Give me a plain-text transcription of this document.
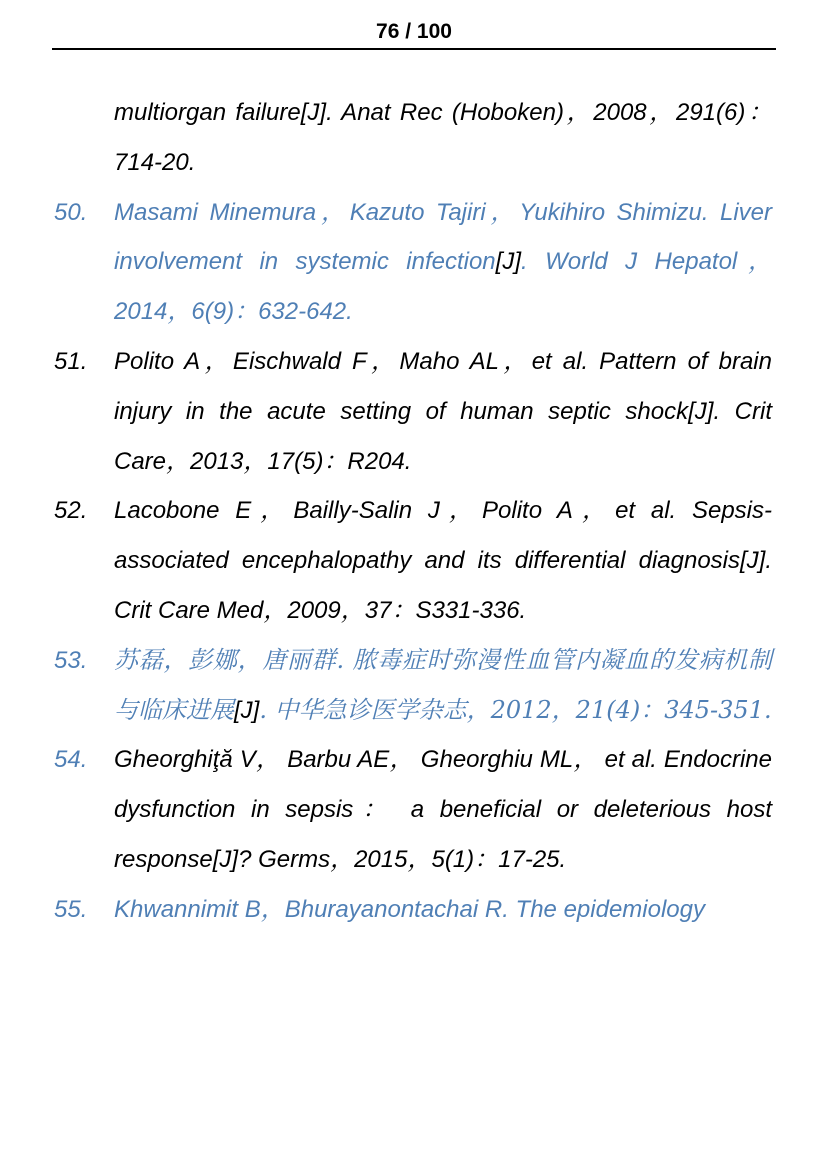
76 / 100
multiorgan failure[J]. Anat Rec (Hoboken)，2008，291(6)：714-20.
50. Masami Minemura，Kazuto Tajiri，Yukihiro Shimizu. Liver involvement in systemic infection[J]. World J Hepatol，2014，6(9)：632-642.
51. Polito A，Eischwald F，Maho AL，et al. Pattern of brain injury in the acute setting of human septic shock[J]. Crit Care，2013，17(5)：R204.
52. Lacobone E，Bailly-Salin J，Polito A，et al. Sepsis-associated encephalopathy and its differential diagnosis[J]. Crit Care Med，2009，37：S331-336.
53. 苏磊，彭娜，唐丽群. 脓毒症时弥漫性血管内凝血的发病机制与临床进展[J]. 中华急诊医学杂志，2012，21(4)：345-351.
54. Gheorghiţă V， Barbu AE， Gheorghiu ML， et al. Endocrine dysfunction in sepsis： a beneficial or deleterious host response[J]? Germs，2015，5(1)：17-25.
55. Khwannimit B，Bhurayanontachai R. The epidemiology
